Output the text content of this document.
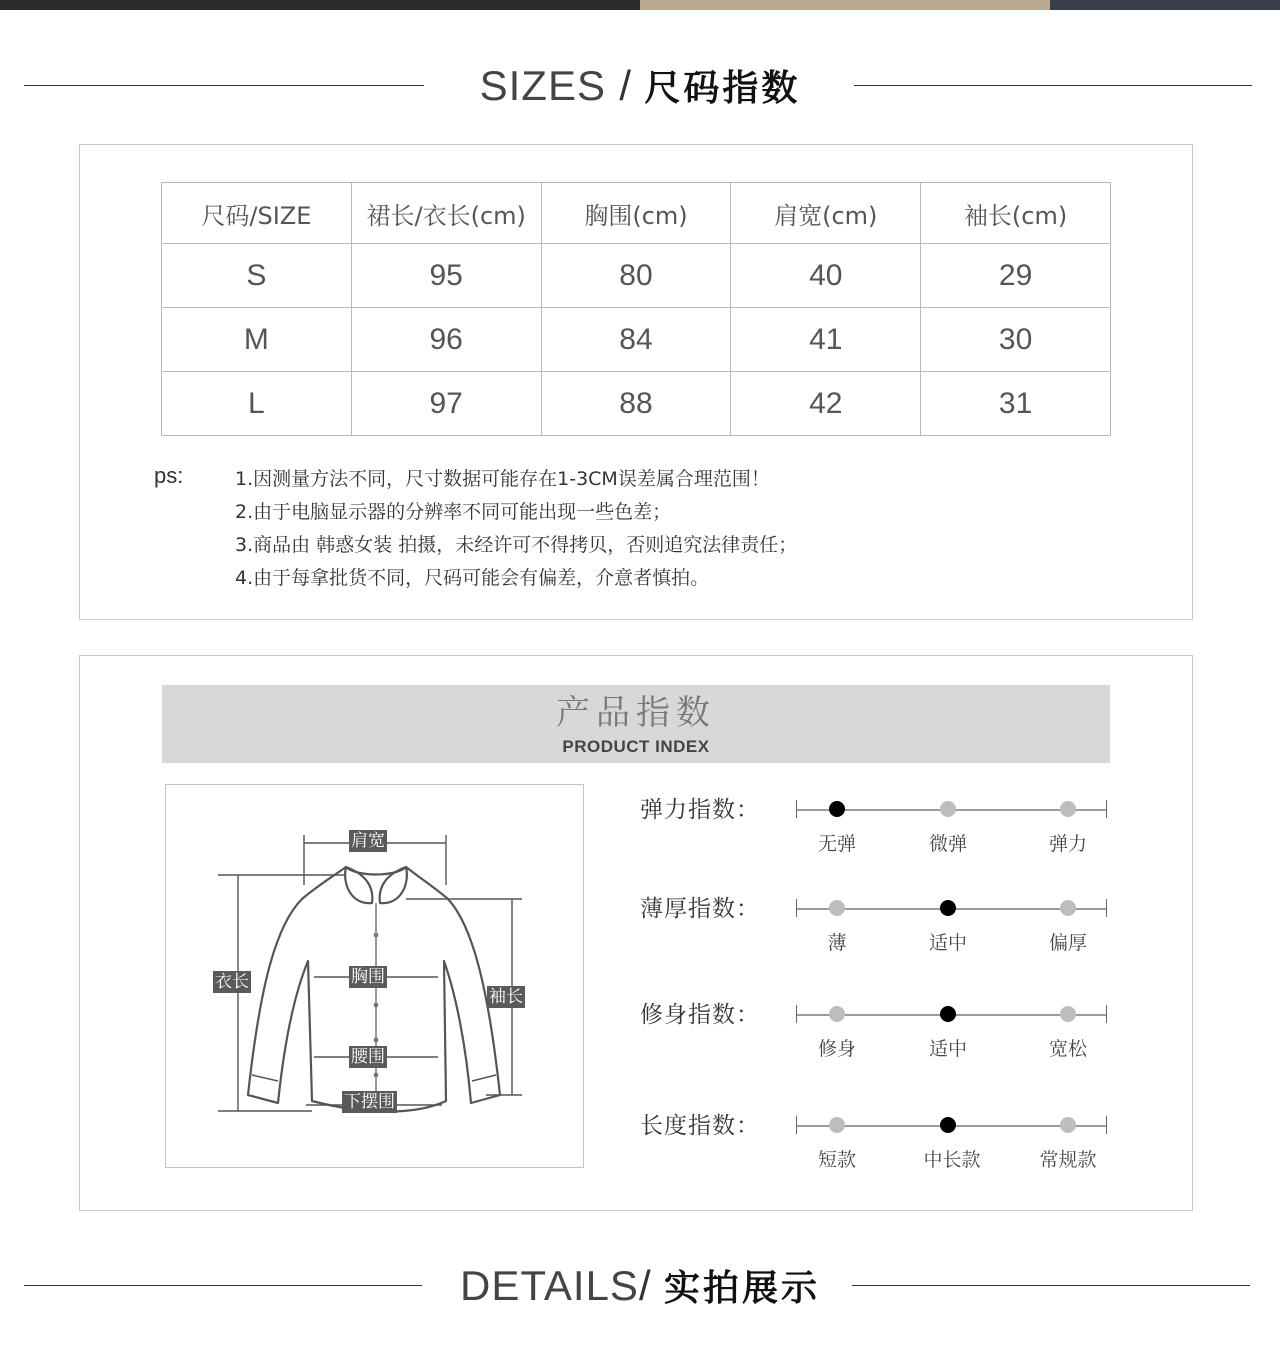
SIZES / 尺码指数
尺码/SIZE	裙长/衣长(cm)	胸围(cm)	肩宽(cm)	袖长(cm)
S	95	80	40	29
M	96	84	41	30
L	97	88	42	31
ps:	1.因测量方法不同，尺寸数据可能存在1-3CM误差属合理范围！
2.由于电脑显示器的分辨率不同可能出现一些色差；
3.商品由 韩惑女装 拍摄，未经许可不得拷贝，否则追究法律责任；
4.由于每拿批货不同，尺码可能会有偏差，介意者慎拍。
产品指数
PRODUCT INDEX
肩宽
衣长	胸围
袖长
腰围
下摆围
弹力指数：
无弹	微弹	弹力
薄厚指数：
薄	适中	偏厚
修身指数：
修身	适中	宽松
长度指数：
短款	中长款	常规款
DETAILS/ 实拍展示
